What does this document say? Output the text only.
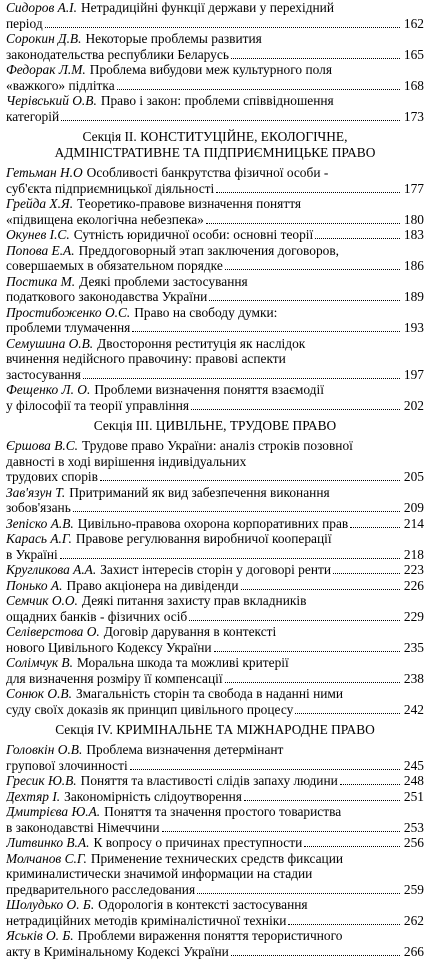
Сидоров А.І. Нетрадиційні функції держави у перехідний
період	162
Сорокин Д.В. Некоторые проблемы развития
законодательства республики Беларусь	165
Федорак Л.М. Проблема вибудови меж культурного поля
«важкого» підлітка	168
Черівський О.В. Право і закон: проблеми співвідношення
категорій	173
Секція II. КОНСТИТУЦІЙНЕ, ЕКОЛОГІЧНЕ,
АДМІНІСТРАТИВНЕ ТА ПІДПРИЄМНИЦЬКЕ ПРАВО
Гетьман Н.О Особливості банкрутства фізичної особи -
суб'єкта підприємницької діяльності	177
Грейда Х.Я. Теоретико-правове визначення поняття
«підвищена екологічна небезпека»	180
Окунев І.С. Сутність юридичної особи: основні теорії	183
Попова Е.А. Преддоговорный этап заключения договоров,
совершаемых в обязательном порядке	186
Постика М. Деякі проблеми застосування
податкового законодавства України	189
Простибоженко О.С. Право на свободу думки:
проблеми тлумачення	193
Семушина О.В. Двостороння реституція як наслідок
вчинення недійсного правочину: правові аспекти
застосування	197
Фещенко Л. О. Проблеми визначення поняття взаємодії
у філософії та теорії управління	202
Секція III. ЦИВІЛЬНЕ, ТРУДОВЕ ПРАВО
Єршова В.С. Трудове право України: аналіз строків позовної
давності в ході вирішення індивідуальних
трудових спорів	205
Зав'язун Т. Притриманий як вид забезпечення виконання
зобов'язань	209
Зепіско А.В. Цивільно-правова охорона корпоративних прав	214
Карась А.Г. Правове регулювання виробничої кооперації
в Україні	218
Кругликова А.А. Захист інтересів сторін у договорі ренти	223
Понько А. Право акціонера на дивіденди	226
Семчик О.О. Деякі питання захисту прав вкладників
ощадних банків - фізичних осіб	229
Селіверстова О. Договір дарування в контексті
нового Цивільного Кодексу України	235
Солімчук В. Моральна шкода та можливі критерії
для визначення розміру її компенсації	238
Сонюк О.В. Змагальність сторін та свобода в наданні ними
суду своїх доказів як принцип цивільного процесу	242
Секція IV. КРИМІНАЛЬНЕ ТА МІЖНАРОДНЕ ПРАВО
Головкін О.В. Проблема визначення детермінант
групової злочинності	245
Гресик Ю.В. Поняття та властивості слідів запаху людини	248
Дехтяр І. Закономірність слідоутворення	251
Дмитрієва Ю.А. Поняття та значення простого товариства
в законодавстві Німеччини	253
Литвинко В.А. К вопросу о причинах преступности	256
Молчанов С.Г. Применение технических средств фиксации
криминалистически значимой информации на стадии
предварительного расследования	259
Шолудько О. Б. Одорологія в контексті застосування
нетрадиційних методів криміналістичної техніки	262
Яськів О. Б. Проблеми вираження поняття терористичного
акту в Кримінальному Кодексі України	266
